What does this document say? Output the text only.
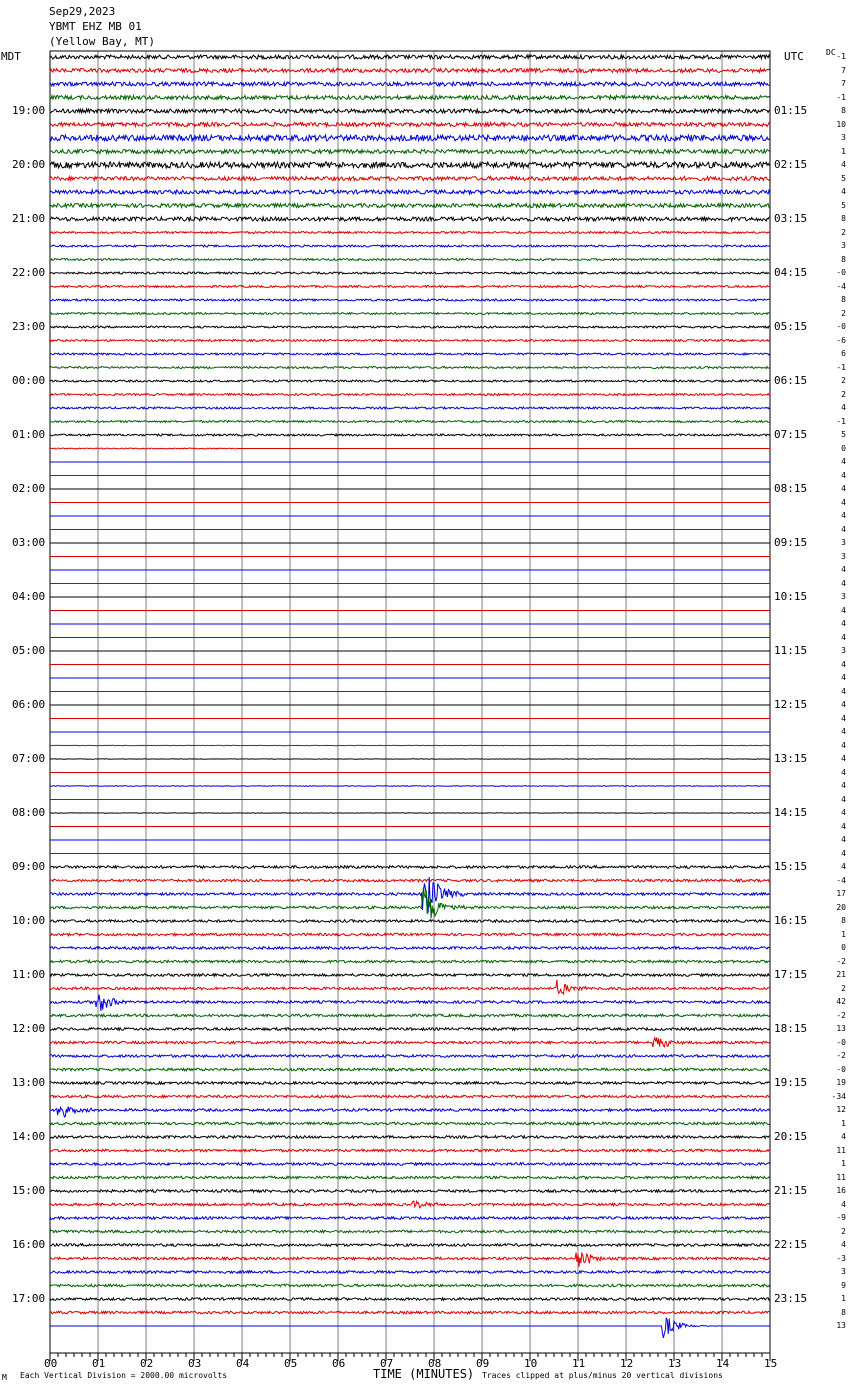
Sep29,2023
YBMT EHZ MB 01
(Yellow Bay, MT)
MDT	UTC	DC
19:00
20:00
21:00
22:00
23:00
00:00
01:00
02:00
03:00
04:00
05:00
06:00
07:00
08:00
09:00
10:00
11:00
12:00
13:00
14:00
15:00
16:00
17:00
01:15
02:15
03:15
04:15
05:15
06:15
07:15
08:15
09:15
10:15
11:15
12:15
13:15
14:15
15:15
16:15
17:15
18:15
19:15
20:15
21:15
22:15
23:15
-1
7
7
-1
8
10
3
1
4
5
4
5
8
2
3
8
-0
-4
8
2
-0
-6
6
-1
2
2
4
-1
5
0
4
4
4
4
4
4
3
3
4
4
3
4
4
4
3
4
4
4
4
4
4
4
4
4
4
4
4
4
4
4
4
-4
17
20
8
1
0
-2
21
2
42
-2
13
-0
-2
-0
19
-34
12
1
4
11
1
11
16
4
-9
2
4
-3
3
9
1
8
13
00	01	02	03	04	05	06	07	08	09	10	11	12	13	14	15
TIME (MINUTES)
Each Vertical Division = 2000.00 microvolts	Traces clipped at plus/minus 20 vertical divisions
M
